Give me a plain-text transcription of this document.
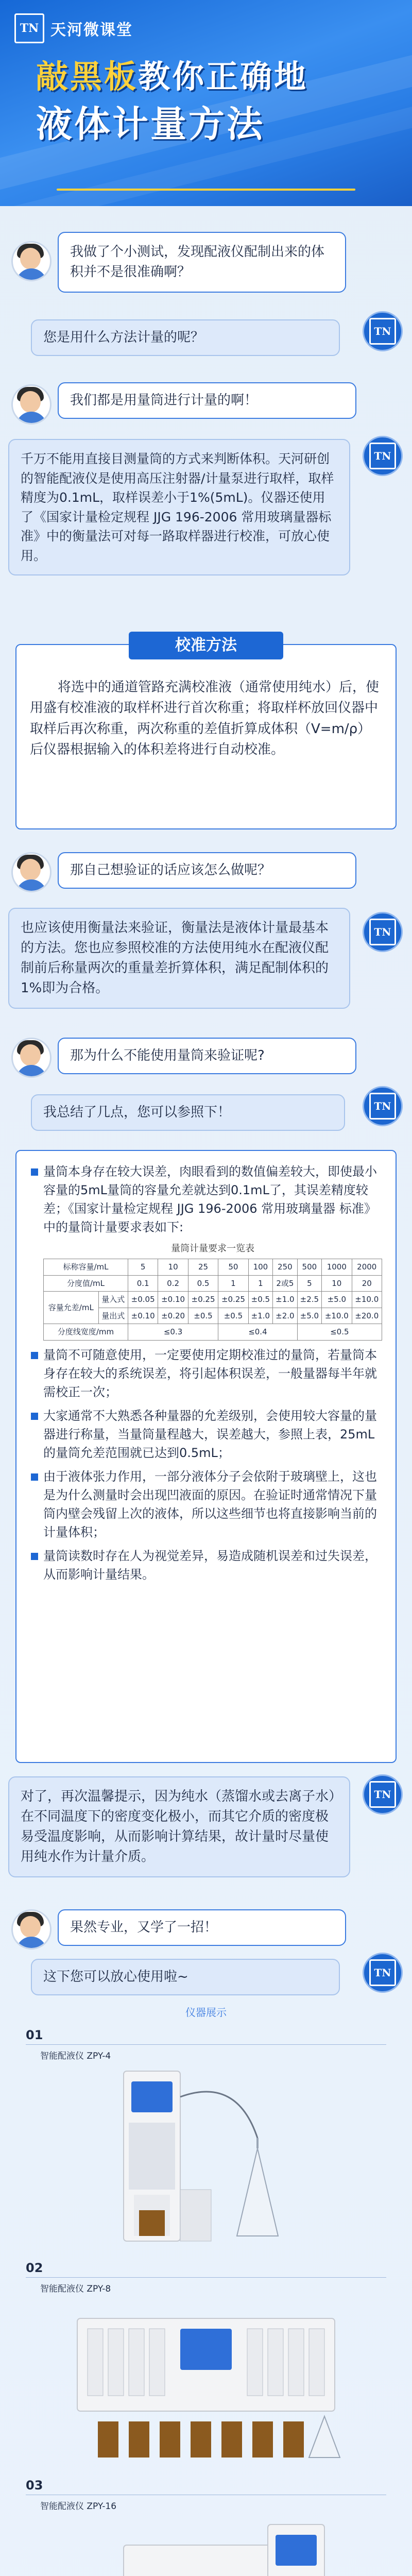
TN 天河微课堂
敲黑板教你正确地
液体计量方法
我做了个小测试，发现配液仪配制出来的体积并不是很准确啊？
您是用什么方法计量的呢？	TN
我们都是用量筒进行计量的啊！
千万不能用直接目测量筒的方式来判断体积。天河研创的智能配液仪是使用高压注射器/计量泵进行取样，取样精度为0.1mL，取样误差小于1%(5mL)。仪器还使用了《国家计量检定规程 JJG 196-2006 常用玻璃量器标准》中的衡量法可对每一路取样器进行校准，可放心使用。
TN
将选中的通道管路充满校准液（通常使用纯水）后，使用盛有校准液的取样杯进行首次称重；将取样杯放回仪器中取样后再次称重，两次称重的差值折算成体积（V=m/ρ）后仪器根据输入的体积差将进行自动校准。
校准方法
那自己想验证的话应该怎么做呢？
也应该使用衡量法来验证，衡量法是液体计量最基本的方法。您也应参照校准的方法使用纯水在配液仪配制前后称量两次的重量差折算体积，满足配制体积的1%即为合格。
TN
那为什么不能使用量筒来验证呢?
我总结了几点，您可以参照下！	TN
量筒本身存在较大误差，肉眼看到的数值偏差较大，即使最小容量的5mL量筒的容量允差就达到0.1mL了，其误差精度较差；《国家计量检定规程 JJG 196-2006 常用玻璃量器 标准》中的量筒计量要求表如下:
量筒计量要求一览表
标称容量/mL		5	10	25	50	100	250	500	1000	2000
分度值/mL		0.1	0.2	0.5	1	1	2或5	5	10	20
容量允差/mL	量入式	±0.05	±0.10	±0.25	±0.25	±0.5	±1.0	±2.5	±5.0	±10.0
	量出式	±0.10	±0.20	±0.5	±0.5	±1.0	±2.0	±5.0	±10.0	±20.0
分度线宽度/mm		≤0.3			≤0.4			≤0.5		
量筒不可随意使用，一定要使用定期校准过的量筒，若量筒本身存在较大的系统误差，将引起体积误差，一般量器每半年就需校正一次；
大家通常不大熟悉各种量器的允差级别，会使用较大容量的量器进行称量，当量筒量程越大，误差越大，参照上表，25mL的量筒允差范围就已达到0.5mL；
由于液体张力作用，一部分液体分子会依附于玻璃壁上，这也是为什么测量时会出现凹液面的原因。在验证时通常情况下量筒内壁会残留上次的液体，所以这些细节也将直接影响当前的计量体积；
量筒读数时存在人为视觉差异，易造成随机误差和过失误差，从而影响计量结果。
对了，再次温馨提示，因为纯水（蒸馏水或去离子水）在不同温度下的密度变化极小，而其它介质的密度极易受温度影响，从而影响计算结果，故计量时尽量使用纯水作为计量介质。
TN
果然专业，又学了一招！
这下您可以放心使用啦~	TN
仪器展示
01
智能配液仪 ZPY-4
02
智能配液仪 ZPY-8
03
智能配液仪 ZPY-16
